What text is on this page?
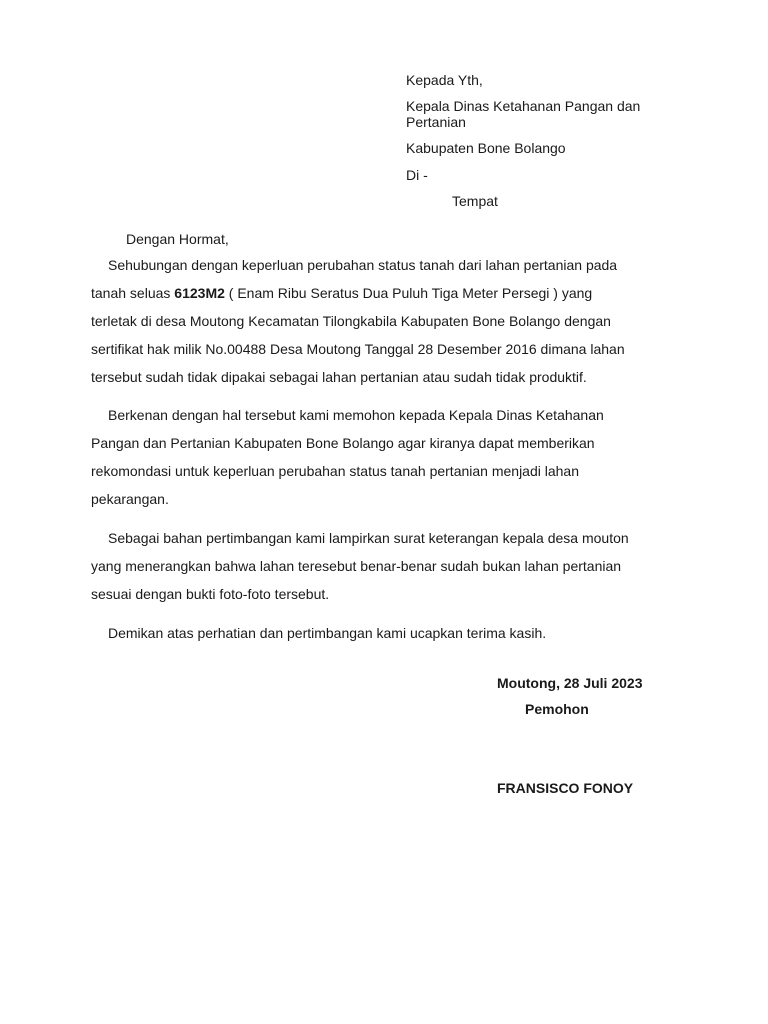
Kepada Yth,
Kepala Dinas Ketahanan Pangan dan
Pertanian
Kabupaten Bone Bolango
Di -
Tempat
Dengan Hormat,
Sehubungan dengan keperluan perubahan status tanah dari lahan pertanian pada
tanah seluas 6123M2 ( Enam Ribu Seratus Dua Puluh Tiga Meter Persegi ) yang
terletak di desa Moutong Kecamatan Tilongkabila Kabupaten Bone Bolango dengan
sertifikat hak milik No.00488 Desa Moutong Tanggal 28 Desember 2016 dimana lahan
tersebut sudah tidak dipakai sebagai lahan pertanian atau sudah tidak produktif.
Berkenan dengan hal tersebut kami memohon kepada Kepala Dinas Ketahanan
Pangan dan Pertanian Kabupaten Bone Bolango agar kiranya dapat memberikan
rekomondasi untuk keperluan perubahan status tanah pertanian menjadi lahan
pekarangan.
Sebagai bahan pertimbangan kami lampirkan surat keterangan kepala desa mouton
yang menerangkan bahwa lahan teresebut benar-benar sudah bukan lahan pertanian
sesuai dengan bukti foto-foto tersebut.
Demikan atas perhatian dan pertimbangan kami ucapkan terima kasih.
Moutong, 28 Juli 2023
Pemohon
FRANSISCO FONOY
